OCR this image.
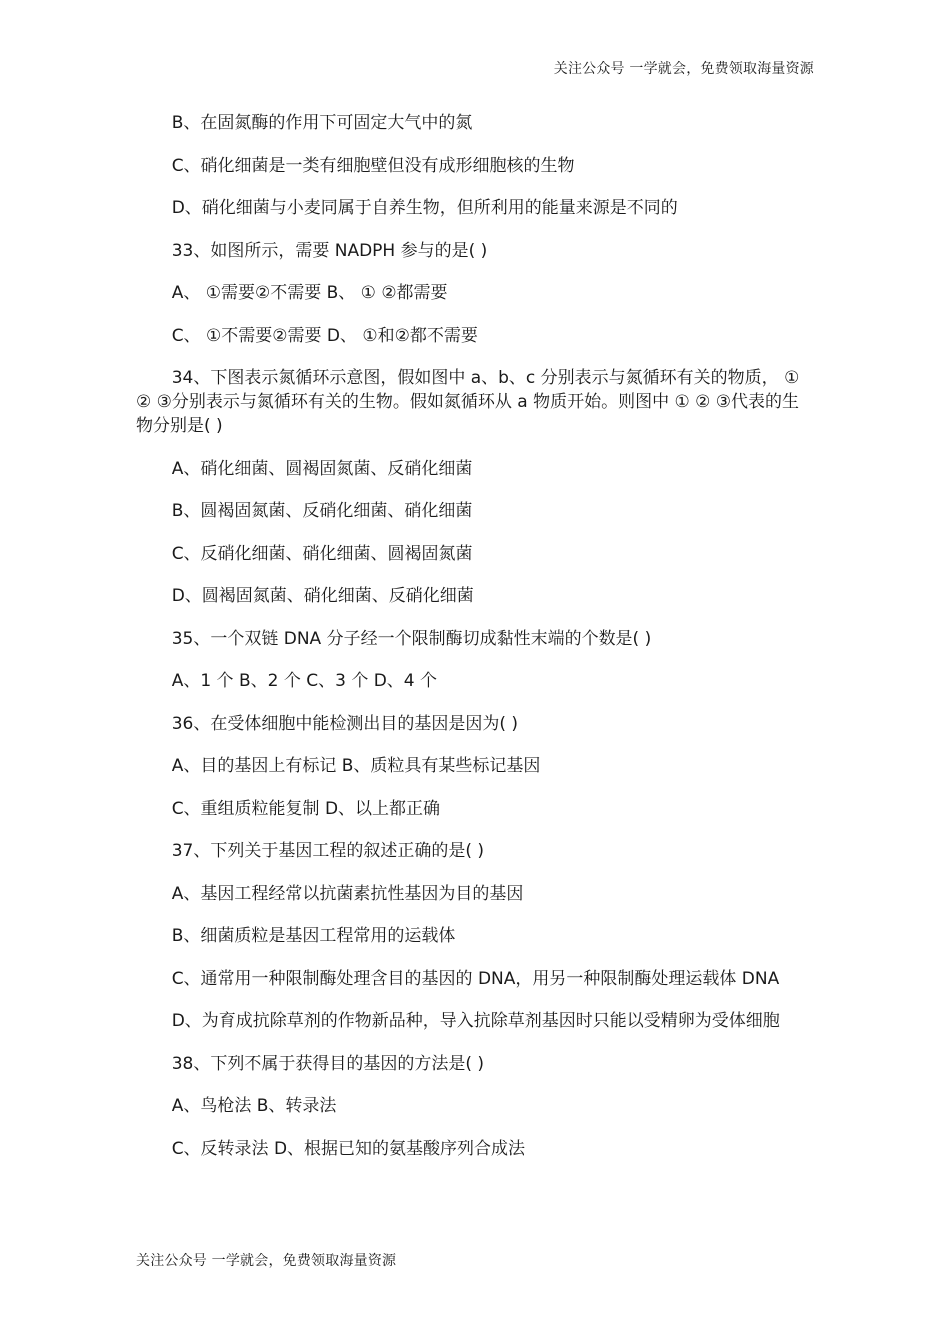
关注公众号 一学就会，免费领取海量资源

B、在固氮酶的作用下可固定大气中的氮

C、硝化细菌是一类有细胞壁但没有成形细胞核的生物

D、硝化细菌与小麦同属于自养生物，但所利用的能量来源是不同的

33、如图所示，需要 NADPH 参与的是( )

A、 ①需要②不需要 B、 ① ②都需要

C、 ①不需要②需要 D、 ①和②都不需要

34、下图表示氮循环示意图，假如图中 a、b、c 分别表示与氮循环有关的物质， ① ② ③分别表示与氮循环有关的生物。假如氮循环从 a 物质开始。则图中 ① ② ③代表的生物分别是( )

A、硝化细菌、圆褐固氮菌、反硝化细菌

B、圆褐固氮菌、反硝化细菌、硝化细菌

C、反硝化细菌、硝化细菌、圆褐固氮菌

D、圆褐固氮菌、硝化细菌、反硝化细菌

35、一个双链 DNA 分子经一个限制酶切成黏性末端的个数是( )

A、1 个 B、2 个 C、3 个 D、4 个

36、在受体细胞中能检测出目的基因是因为( )

A、目的基因上有标记 B、质粒具有某些标记基因

C、重组质粒能复制 D、以上都正确

37、下列关于基因工程的叙述正确的是( )

A、基因工程经常以抗菌素抗性基因为目的基因

B、细菌质粒是基因工程常用的运载体

C、通常用一种限制酶处理含目的基因的 DNA，用另一种限制酶处理运载体 DNA

D、为育成抗除草剂的作物新品种，导入抗除草剂基因时只能以受精卵为受体细胞

38、下列不属于获得目的基因的方法是( )

A、鸟枪法 B、转录法

C、反转录法 D、根据已知的氨基酸序列合成法

关注公众号 一学就会，免费领取海量资源
